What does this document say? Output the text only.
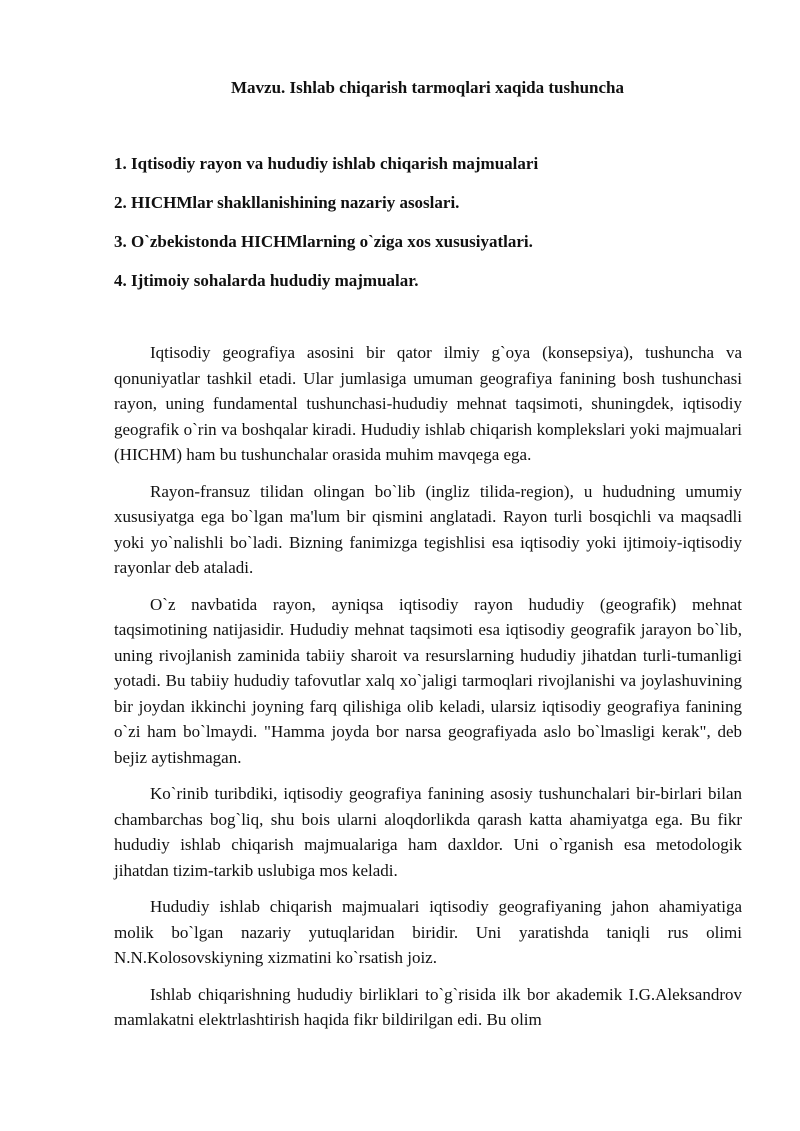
Mavzu. Ishlab chiqarish tarmoqlari xaqida tushuncha
1. Iqtisodiy rayon va hududiy ishlab chiqarish majmualari
2. HICHMlar shakllanishining nazariy asoslari.
3. O`zbekistonda HICHMlarning o`ziga xos xususiyatlari.
4. Ijtimoiy sohalarda hududiy majmualar.

Iqtisodiy geografiya asosini bir qator ilmiy g`oya (konsepsiya), tushuncha va qonuniyatlar tashkil etadi. Ular jumlasiga umuman geografiya fanining bosh tushunchasi rayon, uning fundamental tushunchasi-hududiy mehnat taqsimoti, shuningdek, iqtisodiy geografik o`rin va boshqalar kiradi. Hududiy ishlab chiqarish komplekslari yoki majmualari (HICHM) ham bu tushunchalar orasida muhim mavqega ega.

Rayon-fransuz tilidan olingan bo`lib (ingliz tilida-region), u hududning umumiy xususiyatga ega bo`lgan ma'lum bir qismini anglatadi. Rayon turli bosqichli va maqsadli yoki yo`nalishli bo`ladi. Bizning fanimizga tegishlisi esa iqtisodiy yoki ijtimoiy-iqtisodiy rayonlar deb ataladi.

O`z navbatida rayon, ayniqsa iqtisodiy rayon hududiy (geografik) mehnat taqsimotining natijasidir. Hududiy mehnat taqsimoti esa iqtisodiy geografik jarayon bo`lib, uning rivojlanish zaminida tabiiy sharoit va resurslarning hududiy jihatdan turli-tumanligi yotadi. Bu tabiiy hududiy tafovutlar xalq xo`jaligi tarmoqlari rivojlanishi va joylashuvining bir joydan ikkinchi joyning farq qilishiga olib keladi, ularsiz iqtisodiy geografiya fanining o`zi ham bo`lmaydi. "Hamma joyda bor narsa geografiyada aslo bo`lmasligi kerak", deb bejiz aytishmagan.

Ko`rinib turibdiki, iqtisodiy geografiya fanining asosiy tushunchalari bir-birlari bilan chambarchas bog`liq, shu bois ularni aloqdorlikda qarash katta ahamiyatga ega. Bu fikr hududiy ishlab chiqarish majmualariga ham daxldor. Uni o`rganish esa metodologik jihatdan tizim-tarkib uslubiga mos keladi.

Hududiy ishlab chiqarish majmualari iqtisodiy geografiyaning jahon ahamiyatiga molik bo`lgan nazariy yutuqlaridan biridir. Uni yaratishda taniqli rus olimi N.N.Kolosovskiyning xizmatini ko`rsatish joiz.

Ishlab chiqarishning hududiy birliklari to`g`risida ilk bor akademik I.G.Aleksandrov mamlakatni elektrlashtirish haqida fikr bildirilgan edi. Bu olim
